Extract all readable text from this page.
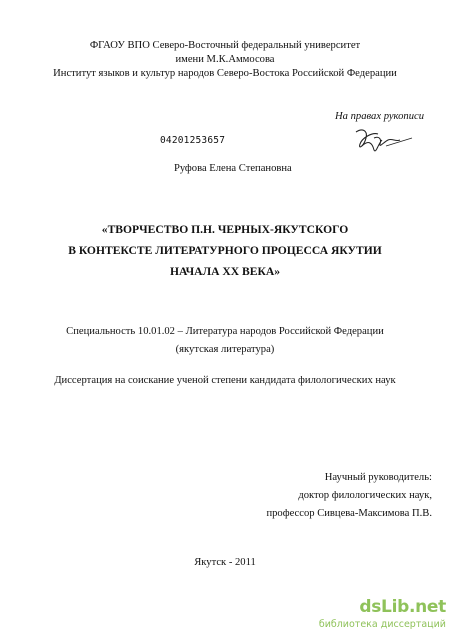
ФГАОУ ВПО Северо-Восточный федеральный университет
имени М.К.Аммосова
Институт языков и культур народов Северо-Востока Российской Федерации
На правах рукописи
04201253657
Руфова Елена Степановна
«ТВОРЧЕСТВО П.Н. ЧЕРНЫХ-ЯКУТСКОГО
В КОНТЕКСТЕ ЛИТЕРАТУРНОГО ПРОЦЕССА ЯКУТИИ
НАЧАЛА XX ВЕКА»
Специальность 10.01.02 – Литература народов Российской Федерации
(якутская литература)
Диссертация на соискание ученой степени кандидата филологических наук
Научный руководитель:
доктор филологических наук,
профессор Сивцева-Максимова П.В.
Якутск - 2011
dsLib.net
библиотека диссертаций
